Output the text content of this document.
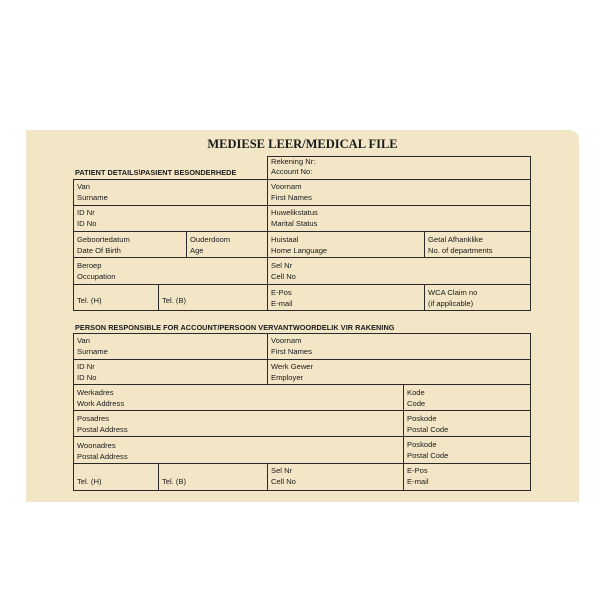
MEDIESE LEER/MEDICAL FILE
PATIENT DETAILS\PASIENT BESONDERHEDE
Rekening Nr:
Account No:
Van
Surname
Voornam
First Names
ID Nr
ID No
Huwelikstatus
Marital Status
Geboortedatum
Date Of Birth
Ouderdoom
Age
Huistaal
Home Language
Getal Afhanklike
No. of departments
Beroep
Occupation
Sel Nr
Cell No
Tel. (H)	Tel. (B)
E-Pos
E-mail
WCA Claim no
(if applicable)
PERSON RESPONSIBLE FOR ACCOUNT/PERSOON VERVANTWOORDELIK VIR RAKENING
Van
Surname
Voornam
First Names
ID Nr
ID No
Werk Gewer
Employer
Werkadres
Work Address
Kode
Code
Posadres
Postal Address
Poskode
Postal Code
Woonadres
Postal Address
Poskode
Postal Code
Tel. (H)	Tel. (B)
Sel Nr
Cell No
E-Pos
E-mail
